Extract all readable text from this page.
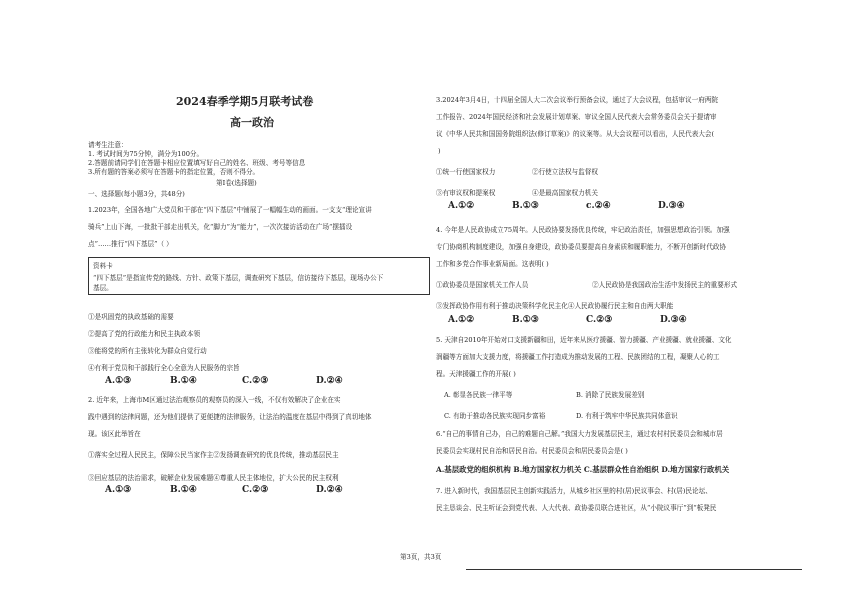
2024春季学期5月联考试卷
高一政治
请考生注意：
1. 考试时间为75分钟，满分为100分。
2.答题前请同学们在答题卡相应位置填写好自己的姓名、班级、考号等信息
3.所有题的答案必须写在答题卡的指定位置，否则不得分。
第Ⅰ卷(选择题)
一、选择题(每小题3分，共48分)
1.2023年，全国各地广大党员和干部在“四下基层”中铺展了一幅幅生动的画面。一支支“理论宣讲
骑兵”上山下海，一批批干部走出机关，化“脚力”为“能力”，一次次接访活动在广场“摆擂设
点”……推行“四下基层”（ ）
资料卡
“四下基层”是指宣传党的路线、方针、政策下基层，调查研究下基层，信访接待下基层，现场办公下
基层。
①是巩固党的执政基础的需要
②提高了党的行政能力和民主执政本领
③能将党的所有主张转化为群众自觉行动
④有利于党员和干部践行全心全意为人民服务的宗旨
A.①③	B.①④	C.②③	D.②④
2. 近年来，上海市M区通过法治观察员的观察员的深入一线，不仅有效解决了企业在实
践中遇到的法律问题，还为他们提供了更便捷的法律服务，让法治的温度在基层中得到了真切地体
现。该区此举旨在
①落实全过程人民民主，保障公民当家作主②发扬调查研究的优良传统，推动基层民主
③回应基层的法治需求，破解企业发展难题④尊重人民主体地位，扩大公民的民主权利
A.①③	B.①④	C.②③	D.②④
3.2024年3月4日，十四届全国人大二次会议举行预备会议，通过了大会议程，包括审议一府两院
工作报告、2024年国民经济和社会发展计划草案、审议全国人民代表大会常务委员会关于提请审
议《中华人民共和国国务院组织法(修订草案)》的议案等。从大会议程可以看出，人民代表大会(
)
①统一行使国家权力	②行使立法权与监督权
③有审议权和提案权	④是最高国家权力机关
A.①②	B.①③	c.②④	D.③④
4. 今年是人民政协成立75周年。人民政协要发扬优良传统，牢记政治责任，加强思想政治引领。加强
专门协商机构制度建设，加强自身建设，政协委员要提高自身素质和履职能力，不断开创新时代政协
工作和多党合作事业新局面。这表明( )
①政协委员是国家机关工作人员	②人民政协是我国政治生活中发扬民主的重要形式
③发挥政协作用有利于推动决策科学化民主化④人民政协履行民主和自由两大职能
A.①②	B.①③	C.②③	D.③④
5. 天津自2010年开始对口支援新疆和田，近年来从医疗援疆、智力援疆、产业援疆、就业援疆、文化
润疆等方面加大支援力度，将援疆工作打造成为推动发展的工程、民族团结的工程，凝聚人心的工
程。天津援疆工作的开展( )
A. 彰显各民族一律平等	B. 消除了民族发展差别
C. 有助于推动各民族实现同步富裕	D. 有利于筑牢中华民族共同体意识
6.“自己的事情自己办，自己的难题自己解。”我国大力发展基层民主，通过农村村民委员会和城市居
民委员会实现村民自治和居民自治。村民委员会和居民委员会是( )
A.基层政党的组织机构 B.地方国家权力机关 C.基层群众性自治组织 D.地方国家行政机关
7. 进入新时代，我国基层民主创新实践活力，从城乡社区里的村(居)民议事会、村(居)民论坛、
民主恳谈会、民主听证会到党代表、人大代表、政协委员联合进社区，从“小院议事厅”到“板凳民
第3页，共3页
